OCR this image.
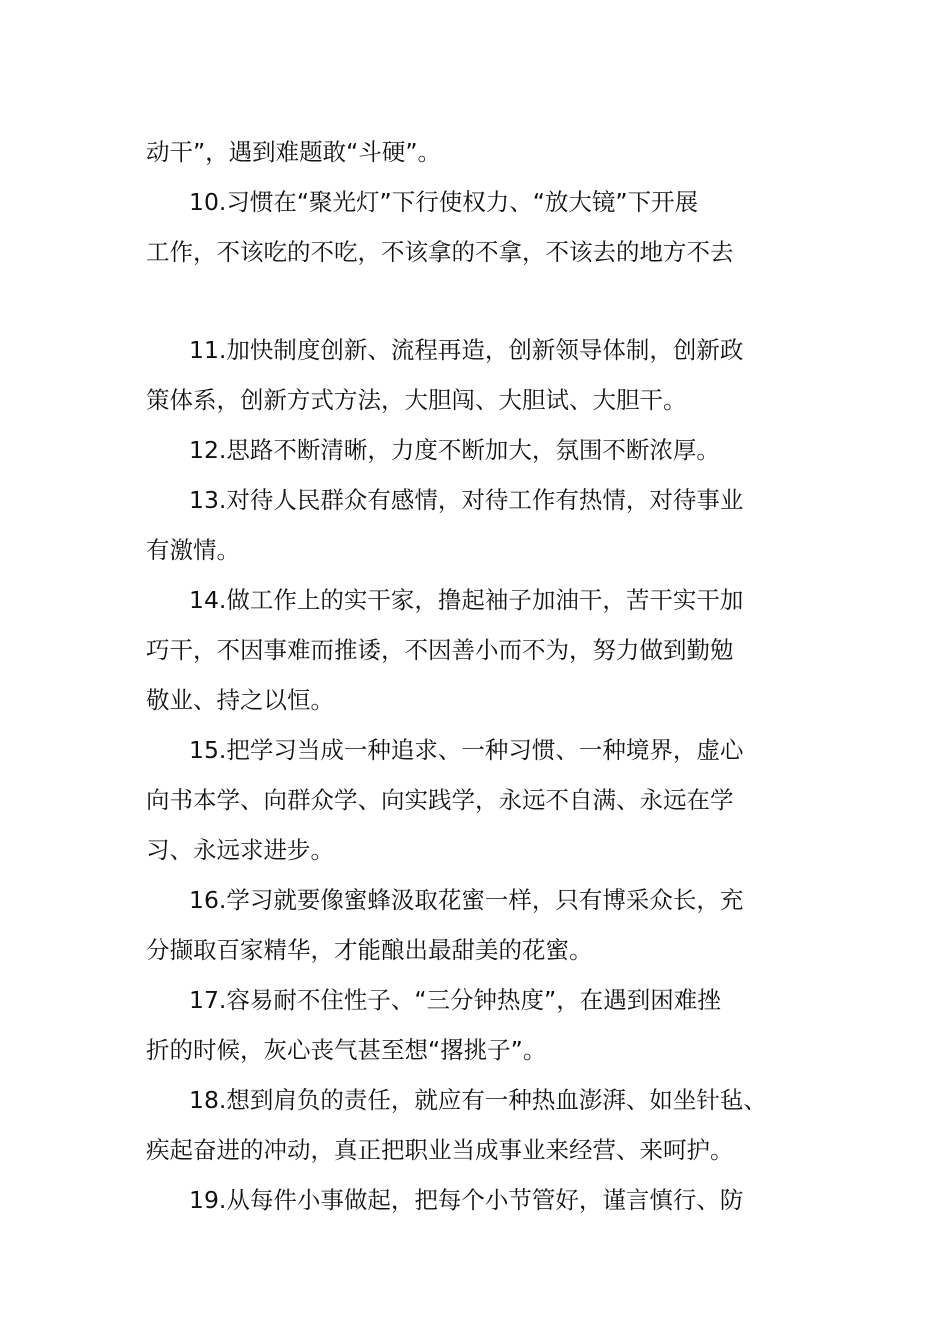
动干”，遇到难题敢“斗硬”。
10.习惯在“聚光灯”下行使权力、“放大镜”下开展
工作，不该吃的不吃，不该拿的不拿，不该去的地方不去
11.加快制度创新、流程再造，创新领导体制，创新政
策体系，创新方式方法，大胆闯、大胆试、大胆干。
12.思路不断清晰，力度不断加大，氛围不断浓厚。
13.对待人民群众有感情，对待工作有热情，对待事业
有激情。
14.做工作上的实干家，撸起袖子加油干，苦干实干加
巧干，不因事难而推诿，不因善小而不为，努力做到勤勉
敬业、持之以恒。
15.把学习当成一种追求、一种习惯、一种境界，虚心
向书本学、向群众学、向实践学，永远不自满、永远在学
习、永远求进步。
16.学习就要像蜜蜂汲取花蜜一样，只有博采众长，充
分撷取百家精华，才能酿出最甜美的花蜜。
17.容易耐不住性子、“三分钟热度”，在遇到困难挫
折的时候，灰心丧气甚至想“撂挑子”。
18.想到肩负的责任，就应有一种热血澎湃、如坐针毡、
疾起奋进的冲动，真正把职业当成事业来经营、来呵护。
19.从每件小事做起，把每个小节管好，谨言慎行、防
